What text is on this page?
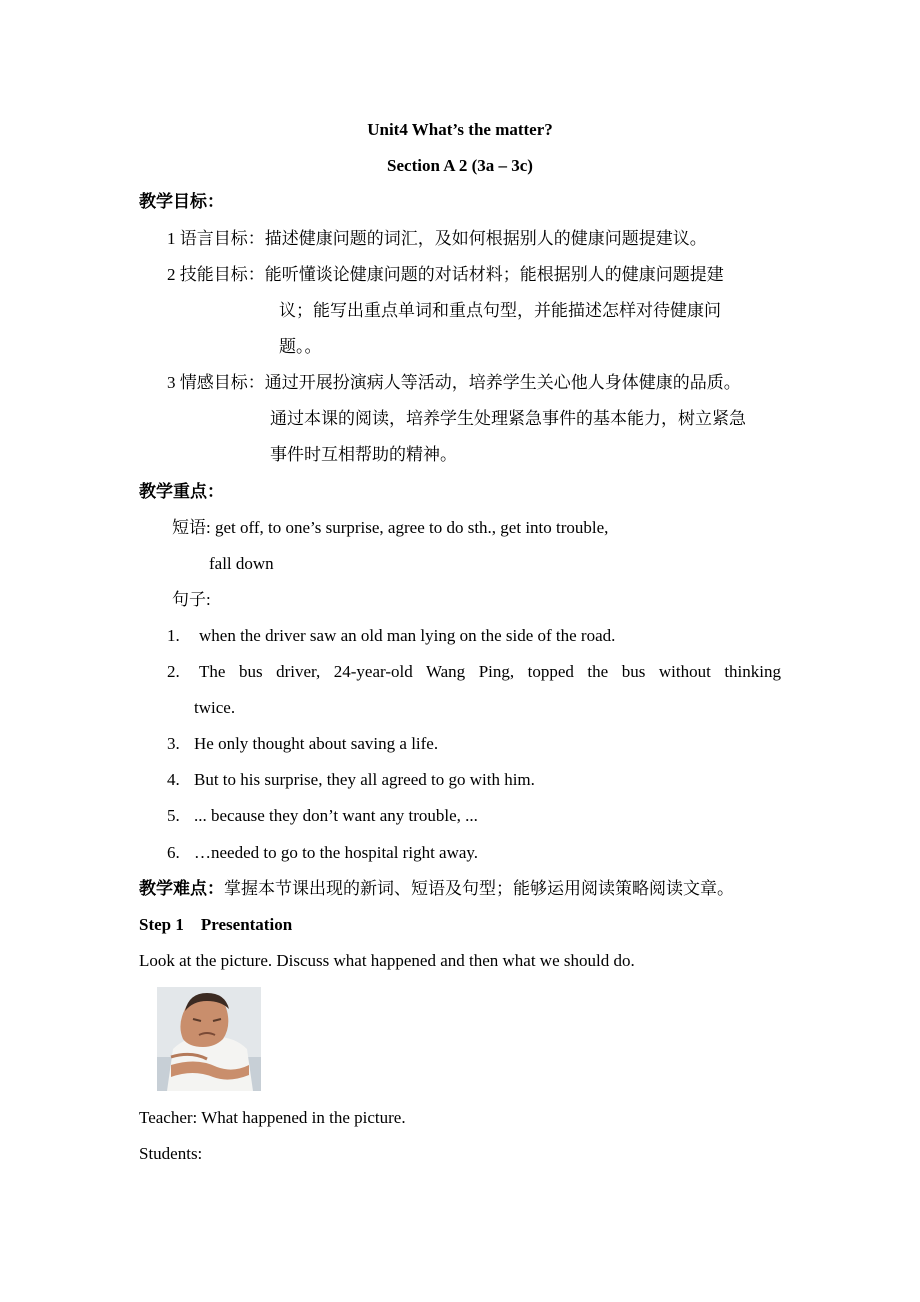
Unit4 What’s the matter?
Section A 2 (3a – 3c)
教学目标：
1 语言目标：描述健康问题的词汇，及如何根据别人的健康问题提建议。
2 技能目标：能听懂谈论健康问题的对话材料；能根据别人的健康问题提建
议；能写出重点单词和重点句型，并能描述怎样对待健康问
题。。
3 情感目标：通过开展扮演病人等活动，培养学生关心他人身体健康的品质。
通过本课的阅读，培养学生处理紧急事件的基本能力，树立紧急
事件时互相帮助的精神。
教学重点：
短语: get off, to one’s surprise, agree to do sth., get into trouble,
fall down
句子:
1. when the driver saw an old man lying on the side of the road.
2. The bus driver, 24-year-old Wang Ping, topped the bus without thinking
twice.
3. He only thought about saving a life.
4. But to his surprise, they all agreed to go with him.
5. ... because they don’t want any trouble, ...
6. …needed to go to the hospital right away.
教学难点：掌握本节课出现的新词、短语及句型；能够运用阅读策略阅读文章。
Step 1    Presentation
Look at the picture. Discuss what happened and then what we should do.
Teacher: What happened in the picture.
Students:
